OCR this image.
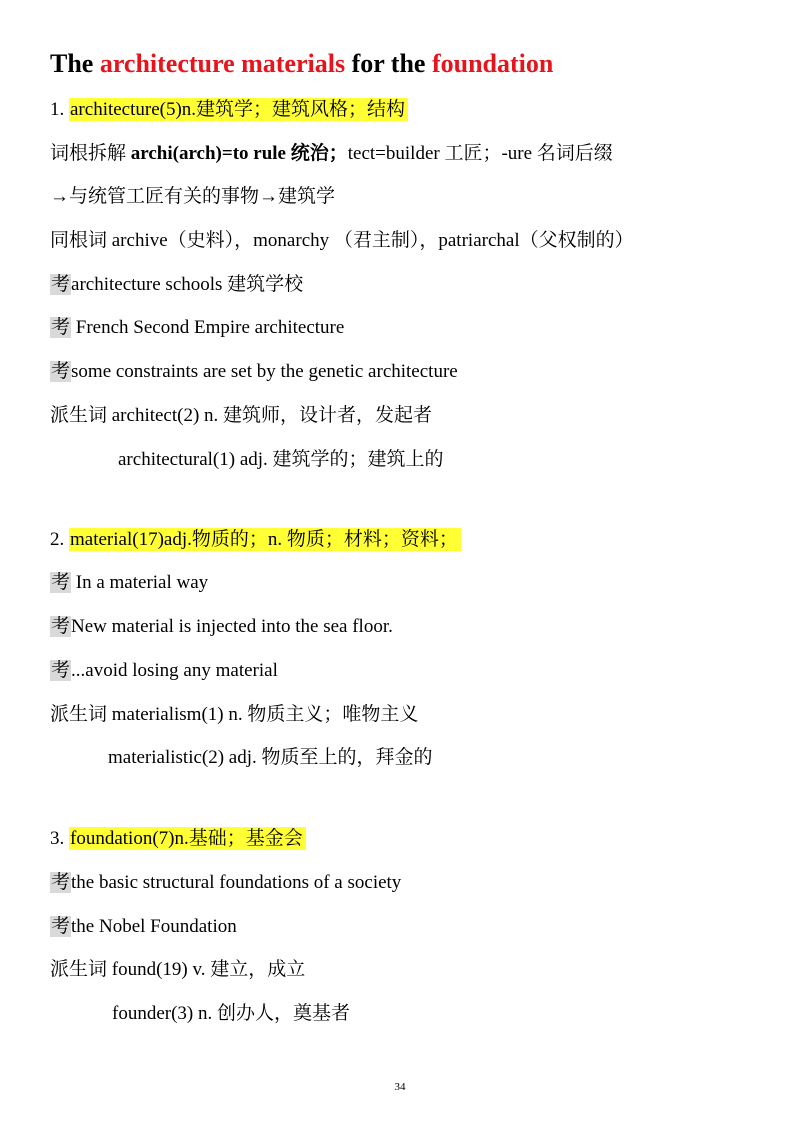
The architecture materials for the foundation
1. architecture(5)n.建筑学；建筑风格；结构
词根拆解 archi(arch)=to rule 统治；tect=builder 工匠；-ure 名词后缀
→与统管工匠有关的事物→建筑学
同根词 archive（史料），monarchy （君主制），patriarchal（父权制的）
考architecture schools 建筑学校
考 French Second Empire architecture
考some constraints are set by the genetic architecture
派生词 architect(2) n. 建筑师，设计者，发起者
architectural(1) adj. 建筑学的；建筑上的
2. material(17)adj.物质的；n. 物质；材料；资料；
考 In a material way
考New material is injected into the sea floor.
考...avoid losing any material
派生词 materialism(1) n. 物质主义；唯物主义
materialistic(2) adj. 物质至上的，拜金的
3. foundation(7)n.基础；基金会
考the basic structural foundations of a society
考the Nobel Foundation
派生词 found(19) v. 建立，成立
founder(3) n. 创办人，奠基者
34
